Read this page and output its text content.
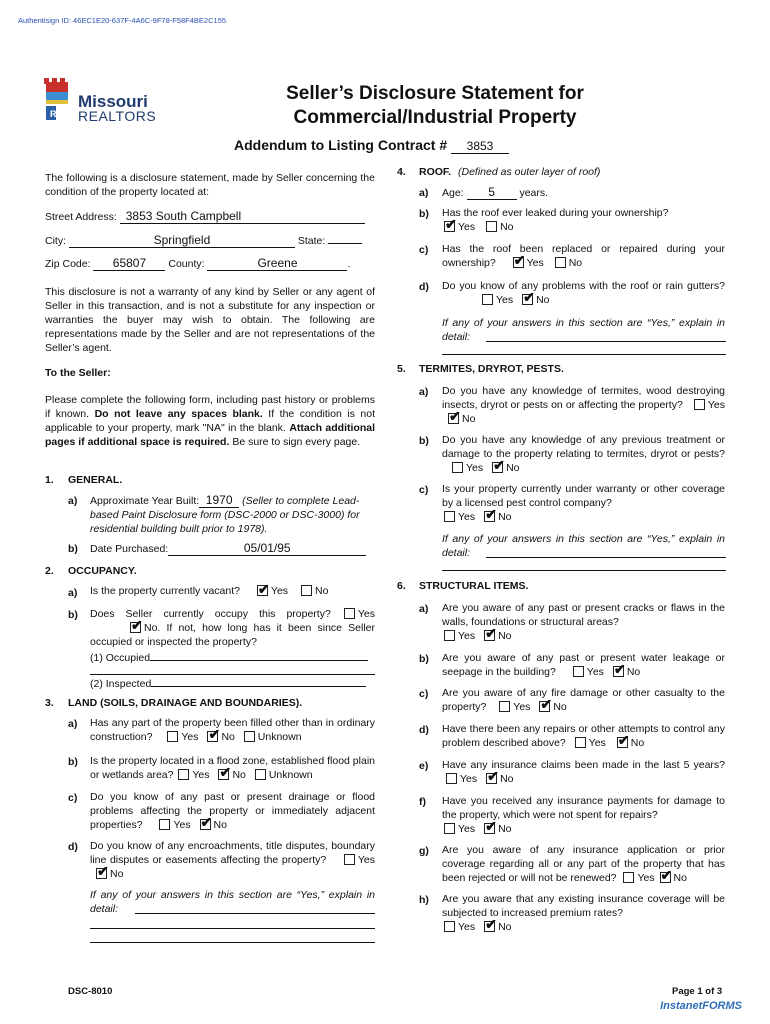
Authentisign ID: 46EC1E20-637F-4A6C-9F78-F58F4BE2C155
R
Missouri
REALTORS
Seller’s Disclosure Statement for
Commercial/Industrial Property
Addendum to Listing Contract # 3853
The following is a disclosure statement, made by Seller concerning the condition of the property located at:
Street Address: 3853 South Campbell
City:	Springfield	State:
Zip Code: 65807 County:	Greene	.
This disclosure is not a warranty of any kind by Seller or any agent of Seller in this transaction, and is not a substitute for any inspection or warranties the buyer may wish to obtain. The following are representations made by the Seller and are not representations of the Seller’s agent.
To the Seller:
Please complete the following form, including past history or problems if known. Do not leave any spaces blank. If the condition is not applicable to your property, mark "NA" in the blank. Attach additional pages if additional space is required. Be sure to sign every page.
1. GENERAL.
a) Approximate Year Built: 1970 (Seller to complete Lead-based Paint Disclosure form (DSC-2000 or DSC-3000) for residential building built prior to 1978).
b) Date Purchased:	05/01/95
2. OCCUPANCY.
a) Is the property currently vacant? ✔	Yes	No
b) Does Seller currently occupy this property?	Yes ✔No. If not, how long has it been since Seller occupied or inspected the property?
(1) Occupied
(2) Inspected
3. LAND (SOILS, DRAINAGE AND BOUNDARIES).
a) Has any part of the property been filled other than in ordinary construction?	Yes ✔ No Unknown
b) Is the property located in a flood zone, established flood plain or wetlands area? Yes ✔ No Unknown
c) Do you know of any past or present drainage or flood problems affecting the property or immediately adjacent properties?	Yes ✔ No
d) Do you know of any encroachments, title disputes, boundary line disputes or easements affecting the property?	Yes ✔No
If any of your answers in this section are “Yes,” explain in detail:
4. ROOF. (Defined as outer layer of roof)
a) Age: 5 years.
b) Has the roof ever leaked during your ownership?
✔Yes No
c) Has the roof been replaced or repaired during your ownership? ✔	Yes No
d) Do you know of any problems with the roof or rain gutters? Yes ✔ No
If any of your answers in this section are “Yes,” explain in detail:
5. TERMITES, DRYROT, PESTS.
a) Do you have any knowledge of termites, wood destroying insects, dryrot or pests on or affecting the property? Yes ✔No
b) Do you have any knowledge of any previous treatment or damage to the property relating to termites, dryrot or pests? Yes ✔ No
c) Is your property currently under warranty or other coverage by a licensed pest control company?
Yes ✔ No
If any of your answers in this section are “Yes,” explain in detail:
6. STRUCTURAL ITEMS.
a) Are you aware of any past or present cracks or flaws in the walls, foundations or structural areas?
Yes ✔ No
b) Are you aware of any past or present water leakage or seepage in the building?	Yes ✔ No
c) Are you aware of any fire damage or other casualty to the property?	Yes ✔ No
d) Have there been any repairs or other attempts to control any problem described above? Yes ✔ No
e) Have any insurance claims been made in the last 5 years? Yes ✔ No
f) Have you received any insurance payments for damage to the property, which were not spent for repairs?
Yes ✔ No
g) Are you aware of any insurance application or prior coverage regarding all or any part of the property that has been rejected or will not be renewed? Yes ✔ No
h) Are you aware that any existing insurance coverage will be subjected to increased premium rates?
Yes ✔ No
DSC-8010	Page 1 of 3
InstanetFORMS
